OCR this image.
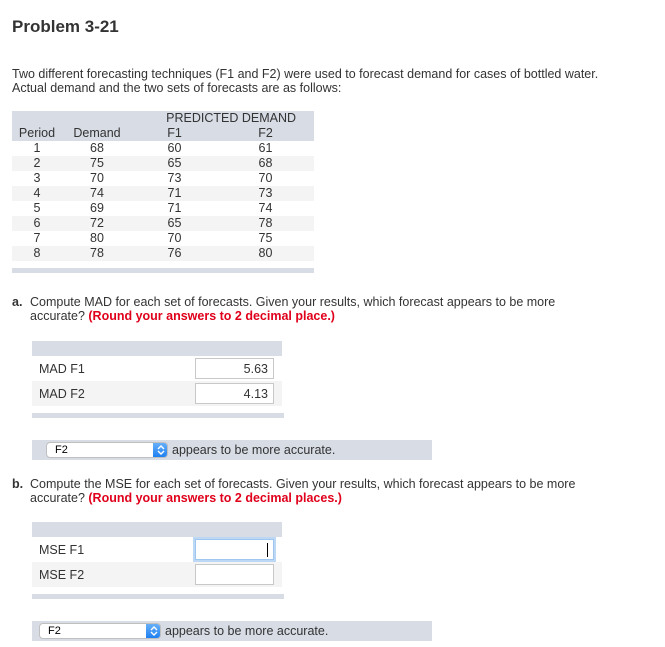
Problem 3-21
Two different forecasting techniques (F1 and F2) were used to forecast demand for cases of bottled water.
Actual demand and the two sets of forecasts are as follows:
		PREDICTED DEMAND	
Period	Demand	F1	F2
1	68	60	61
2	75	65	68
3	70	73	70
4	74	71	73
5	69	71	74
6	72	65	78
7	80	70	75
8	78	76	80
a. Compute MAD for each set of forecasts. Given your results, which forecast appears to be more
accurate? (Round your answers to 2 decimal place.)
MAD F1
5.63
MAD F2
4.13
F2	appears to be more accurate.
b. Compute the MSE for each set of forecasts. Given your results, which forecast appears to be more
accurate? (Round your answers to 2 decimal places.)
MSE F1
MSE F2
F2	appears to be more accurate.
